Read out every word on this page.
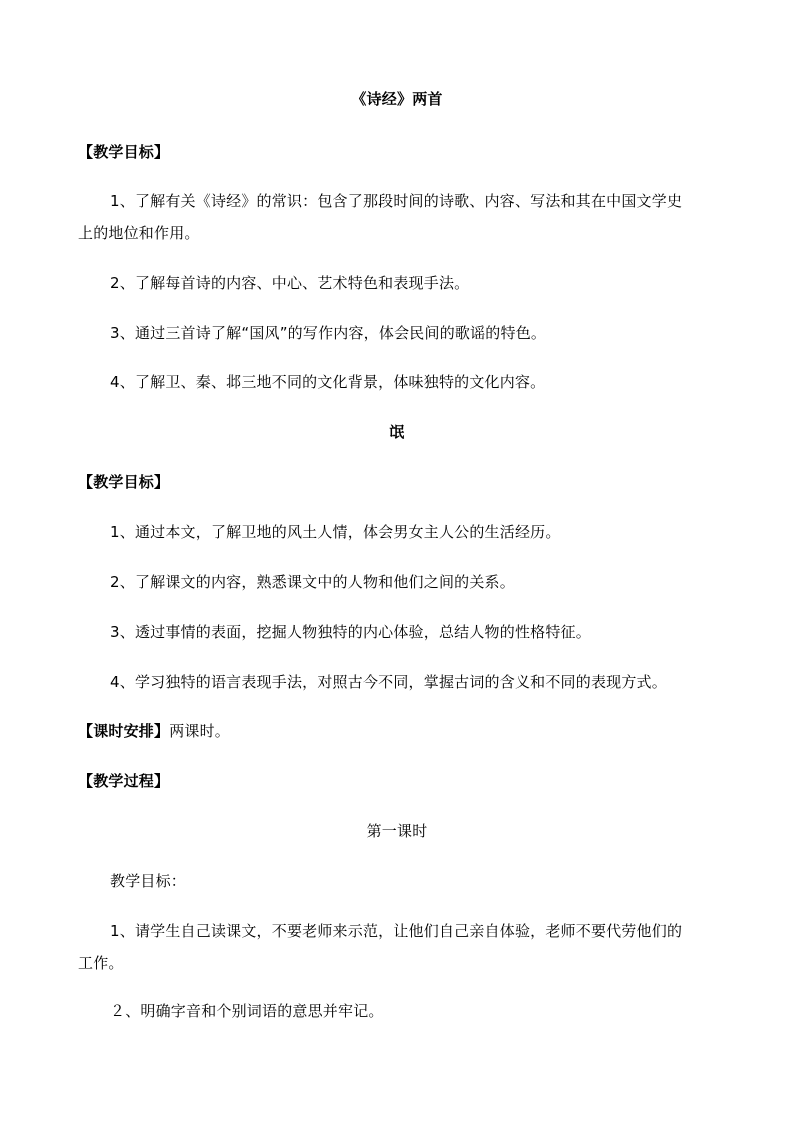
《诗经》两首
【教学目标】
1、了解有关《诗经》的常识：包含了那段时间的诗歌、内容、写法和其在中国文学史
上的地位和作用。
2、了解每首诗的内容、中心、艺术特色和表现手法。
3、通过三首诗了解“国风”的写作内容，体会民间的歌谣的特色。
4、了解卫、秦、邶三地不同的文化背景，体味独特的文化内容。
氓
【教学目标】
1、通过本文，了解卫地的风土人情，体会男女主人公的生活经历。
2、了解课文的内容，熟悉课文中的人物和他们之间的关系。
3、透过事情的表面，挖掘人物独特的内心体验，总结人物的性格特征。
4、学习独特的语言表现手法，对照古今不同，掌握古词的含义和不同的表现方式。
【课时安排】两课时。
【教学过程】
第一课时
教学目标：
1、请学生自己读课文，不要老师来示范，让他们自己亲自体验，老师不要代劳他们的
工作。
２、明确字音和个别词语的意思并牢记。
